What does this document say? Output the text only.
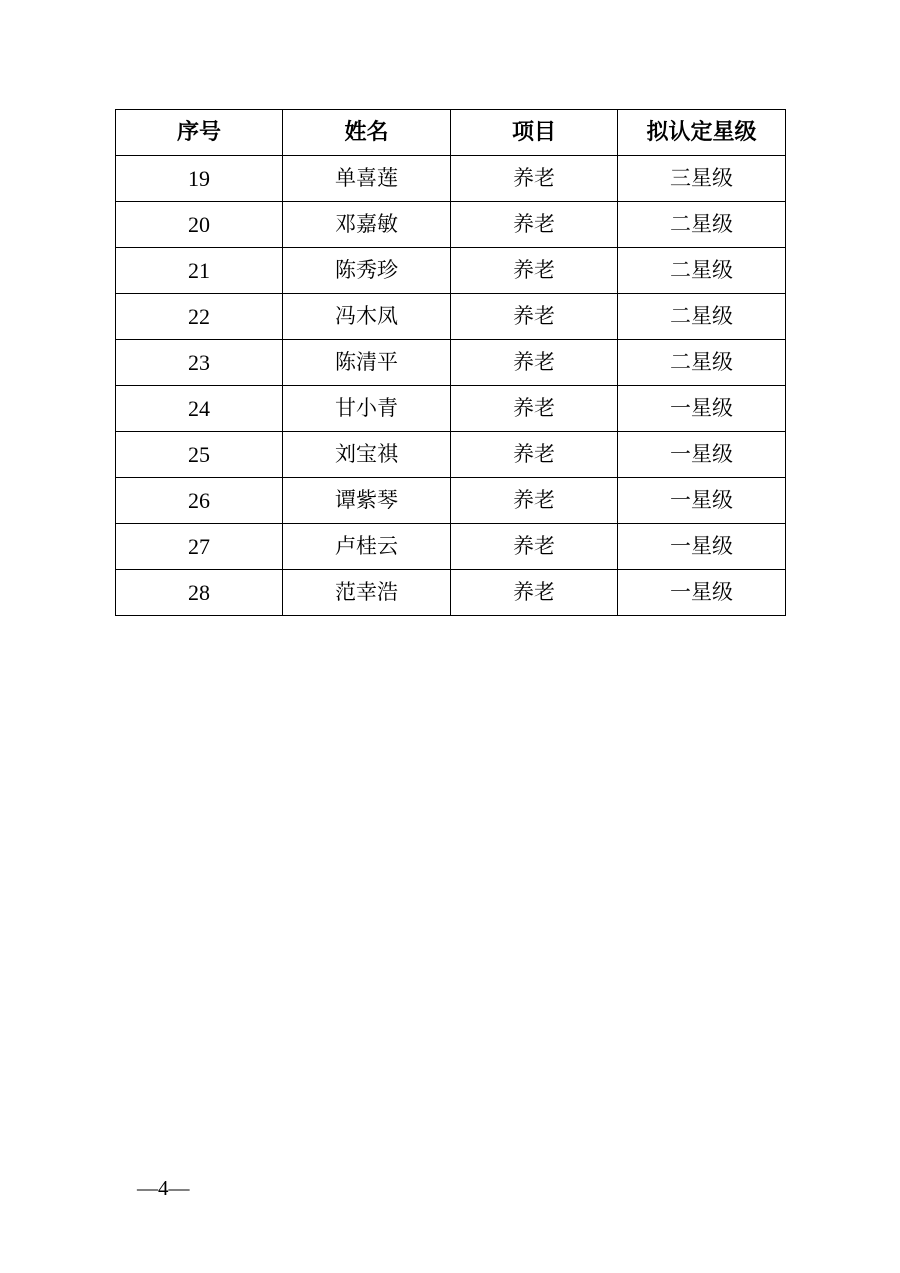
序号	姓名	项目	拟认定星级
19	单喜莲	养老	三星级
20	邓嘉敏	养老	二星级
21	陈秀珍	养老	二星级
22	冯木凤	养老	二星级
23	陈清平	养老	二星级
24	甘小青	养老	一星级
25	刘宝祺	养老	一星级
26	谭紫琴	养老	一星级
27	卢桂云	养老	一星级
28	范幸浩	养老	一星级
—4—
